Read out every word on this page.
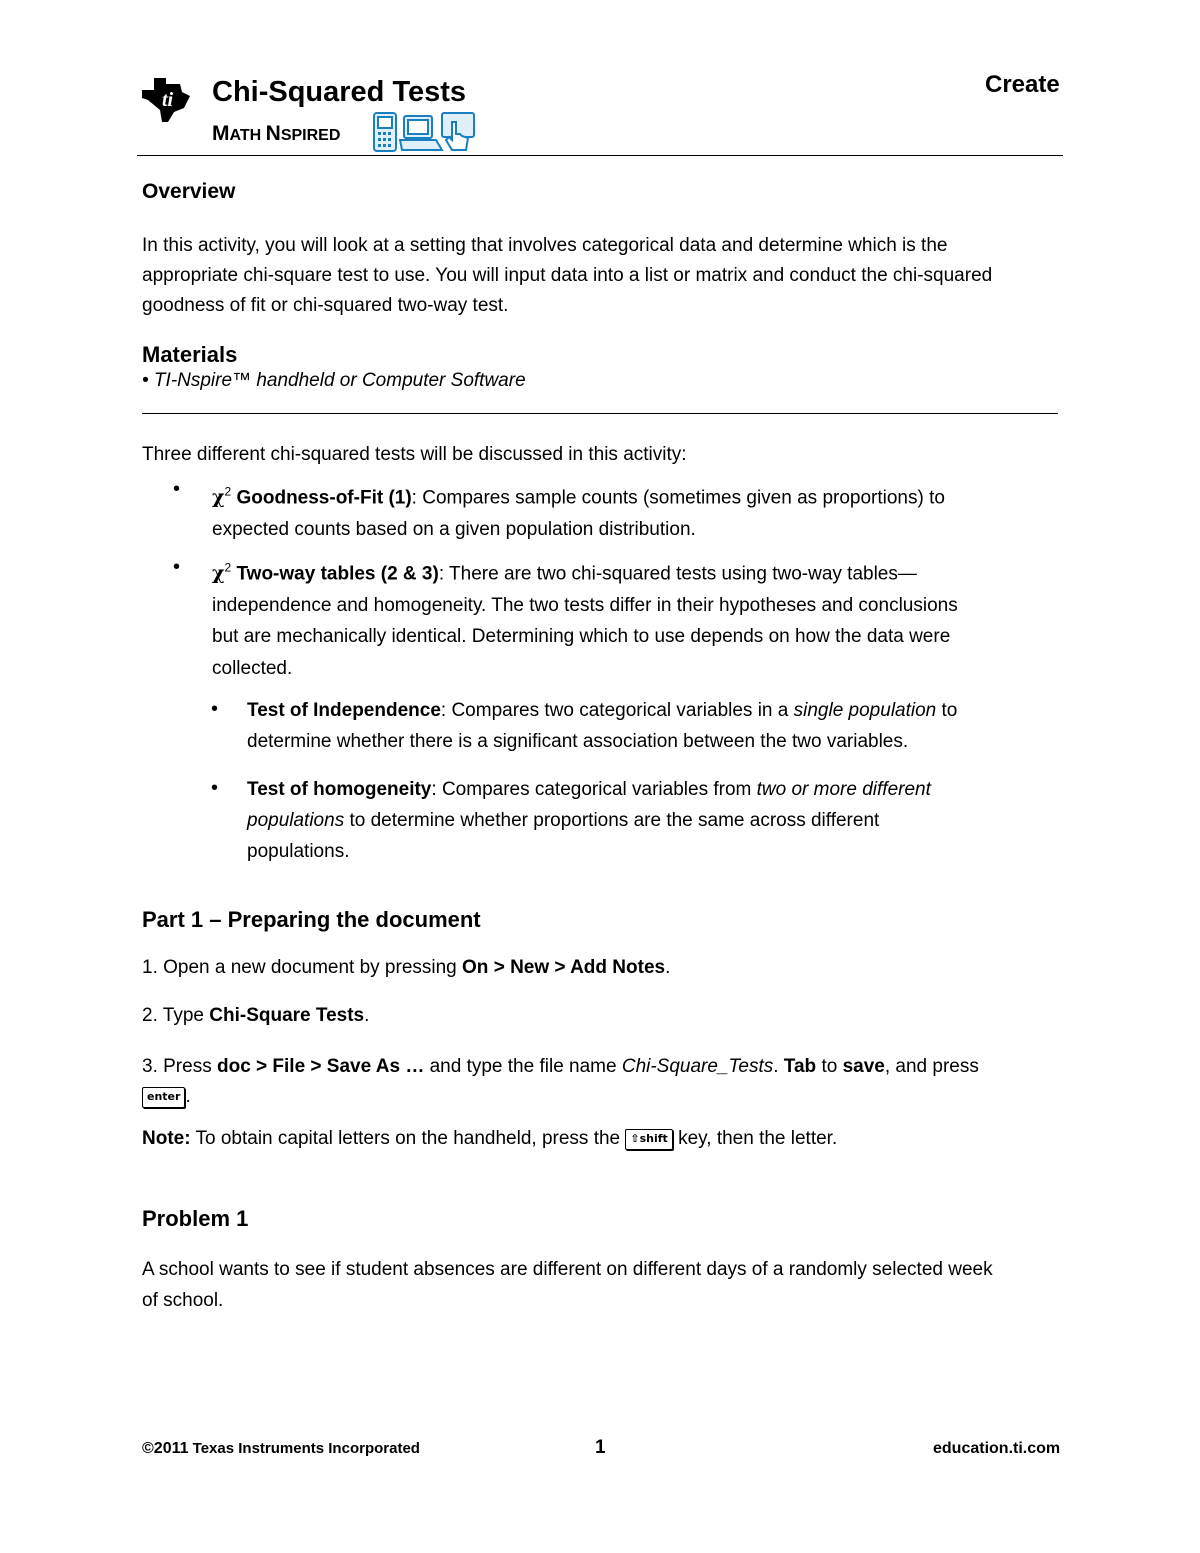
ti Chi-Squared Tests
MATH NSPIRED
Create
Overview
In this activity, you will look at a setting that involves categorical data and determine which is the appropriate chi-square test to use. You will input data into a list or matrix and conduct the chi-squared goodness of fit or chi-squared two-way test.
Materials
• TI-Nspire™ handheld or Computer Software
Three different chi-squared tests will be discussed in this activity:
• $\chi^2$ Goodness-of-Fit (1): Compares sample counts (sometimes given as proportions) to expected counts based on a given population distribution.
• $\chi^2$ Two-way tables (2 & 3): There are two chi-squared tests using two-way tables—independence and homogeneity. The two tests differ in their hypotheses and conclusions but are mechanically identical. Determining which to use depends on how the data were collected.
• Test of Independence: Compares two categorical variables in a single population to determine whether there is a significant association between the two variables.
• Test of homogeneity: Compares categorical variables from two or more different populations to determine whether proportions are the same across different populations.
Part 1 – Preparing the document
1. Open a new document by pressing On > New > Add Notes.
2. Type Chi-Square Tests.
3. Press doc > File > Save As … and type the file name Chi-Square_Tests. Tab to save, and press enter .
Note: To obtain capital letters on the handheld, press the ⇧shift key, then the letter.
Problem 1
A school wants to see if student absences are different on different days of a randomly selected week of school.
©2011 Texas Instruments Incorporated	1	education.ti.com
